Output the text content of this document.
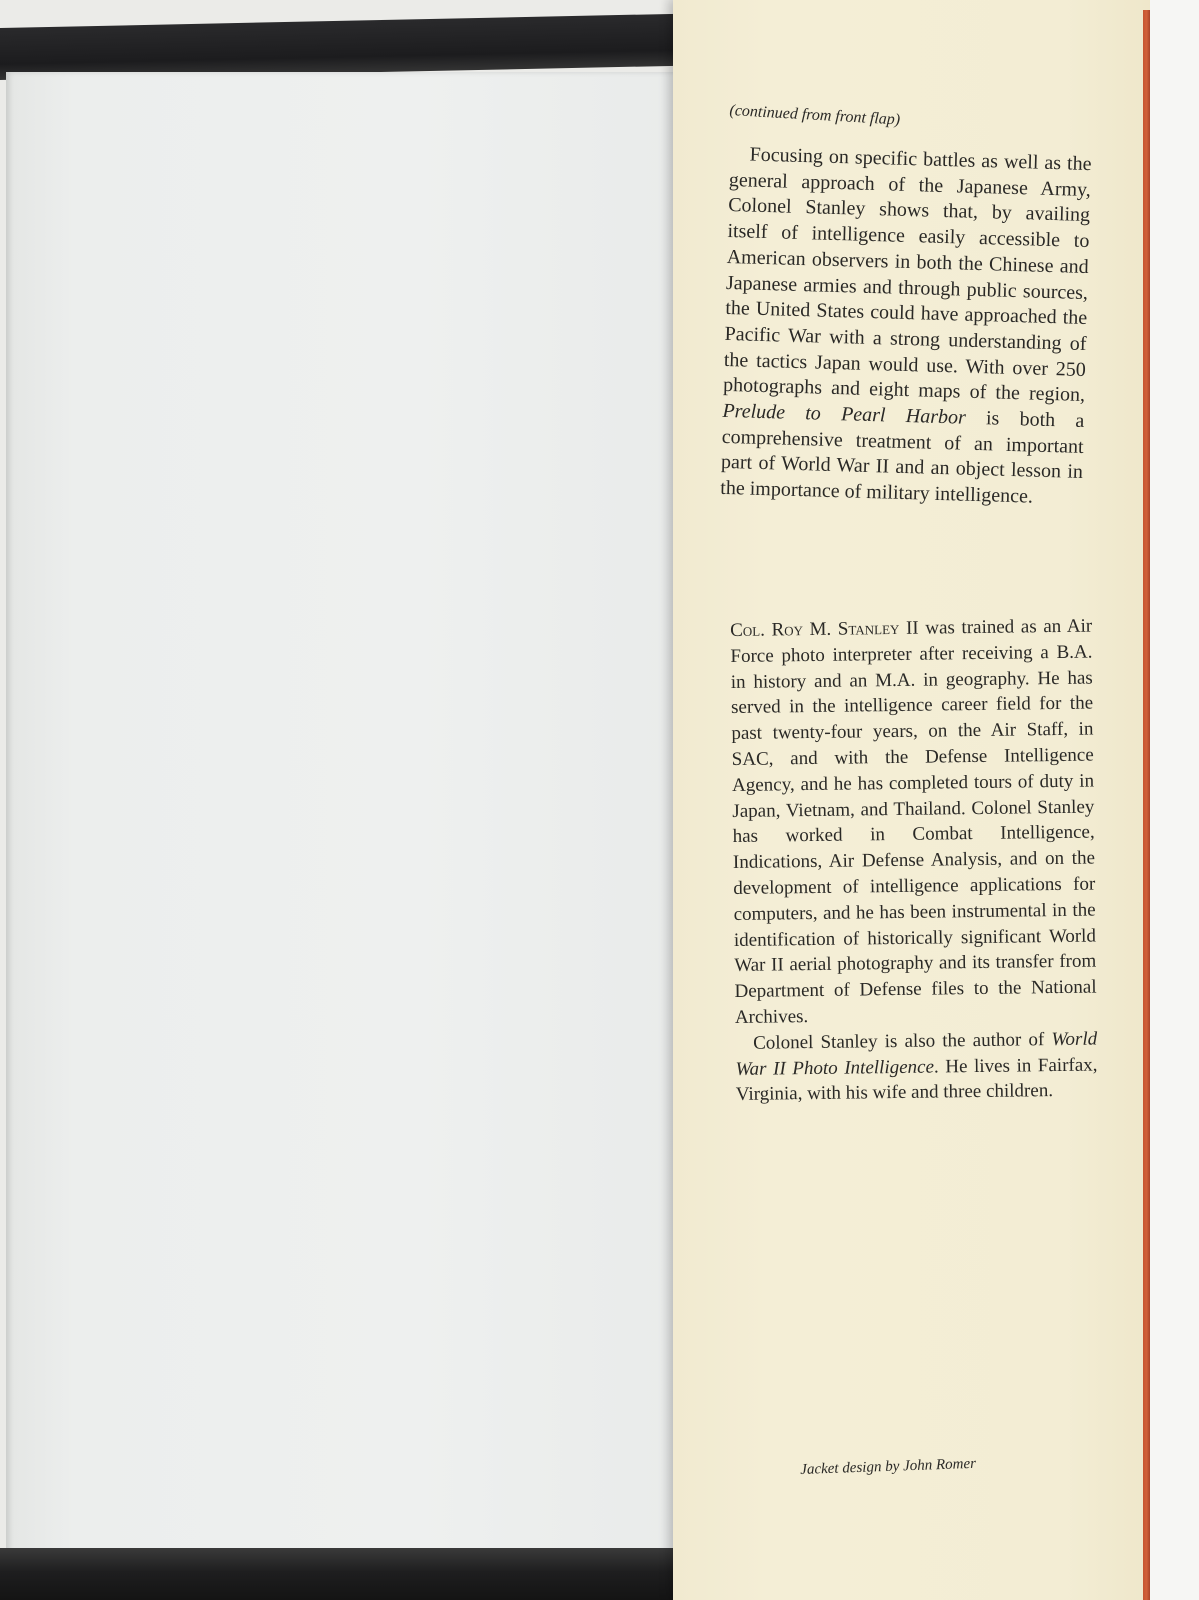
(continued from front flap)
Focusing on specific battles as well as the general approach of the Japanese Army, Colonel Stanley shows that, by availing itself of intelligence easily accessible to American observers in both the Chinese and Japanese armies and through public sources, the United States could have approached the Pacific War with a strong understanding of the tactics Japan would use. With over 250 photographs and eight maps of the region, Prelude to Pearl Harbor is both a comprehensive treatment of an important part of World War II and an object lesson in the importance of military intelligence.
Col. Roy M. Stanley II was trained as an Air Force photo interpreter after receiving a B.A. in history and an M.A. in geography. He has served in the intelligence career field for the past twenty-four years, on the Air Staff, in SAC, and with the Defense Intelligence Agency, and he has completed tours of duty in Japan, Vietnam, and Thailand. Colonel Stanley has worked in Combat Intelligence, Indications, Air Defense Analysis, and on the development of intelligence applications for computers, and he has been instrumental in the identification of historically significant World War II aerial photography and its transfer from Department of Defense files to the National Archives.
Colonel Stanley is also the author of World War II Photo Intelligence. He lives in Fairfax, Virginia, with his wife and three children.
Jacket design by John Romer
